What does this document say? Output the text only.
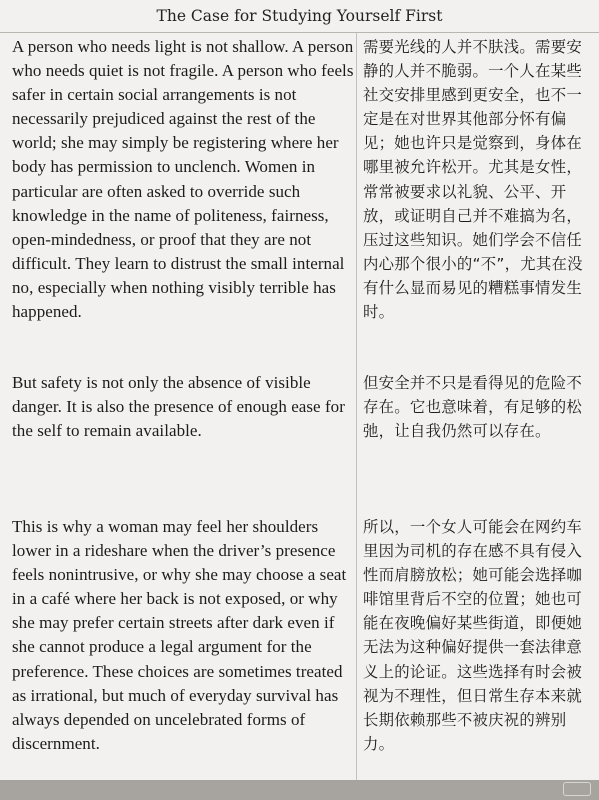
The Case for Studying Yourself First

A person who needs light is not shallow. A person who needs quiet is not fragile. A person who feels safer in certain social arrangements is not necessarily prejudiced against the rest of the world; she may simply be registering where her body has permission to unclench. Women in particular are often asked to override such knowledge in the name of politeness, fairness, open-mindedness, or proof that they are not difficult. They learn to distrust the small internal no, especially when nothing visibly terrible has happened.

需要光线的人并不肤浅。需要安静的人并不脆弱。一个人在某些社交安排里感到更安全，也不一定是在对世界其他部分怀有偏见；她也许只是觉察到，身体在哪里被允许松开。尤其是女性，常常被要求以礼貌、公平、开放，或证明自己并不难搞为名，压过这些知识。她们学会不信任内心那个很小的“不”，尤其在没有什么显而易见的糟糕事情发生时。

But safety is not only the absence of visible danger. It is also the presence of enough ease for the self to remain available.

但安全并不只是看得见的危险不存在。它也意味着，有足够的松弛，让自我仍然可以存在。

This is why a woman may feel her shoulders lower in a rideshare when the driver’s presence feels nonintrusive, or why she may choose a seat in a café where her back is not exposed, or why she may prefer certain streets after dark even if she cannot produce a legal argument for the preference. These choices are sometimes treated as irrational, but much of everyday survival has always depended on uncelebrated forms of discernment.

所以，一个女人可能会在网约车里因为司机的存在感不具有侵入性而肩膀放松；她可能会选择咖啡馆里背后不空的位置；她也可能在夜晚偏好某些街道，即便她无法为这种偏好提供一套法律意义上的论证。这些选择有时会被视为不理性，但日常生存本来就长期依赖那些不被庆祝的辨别力。
